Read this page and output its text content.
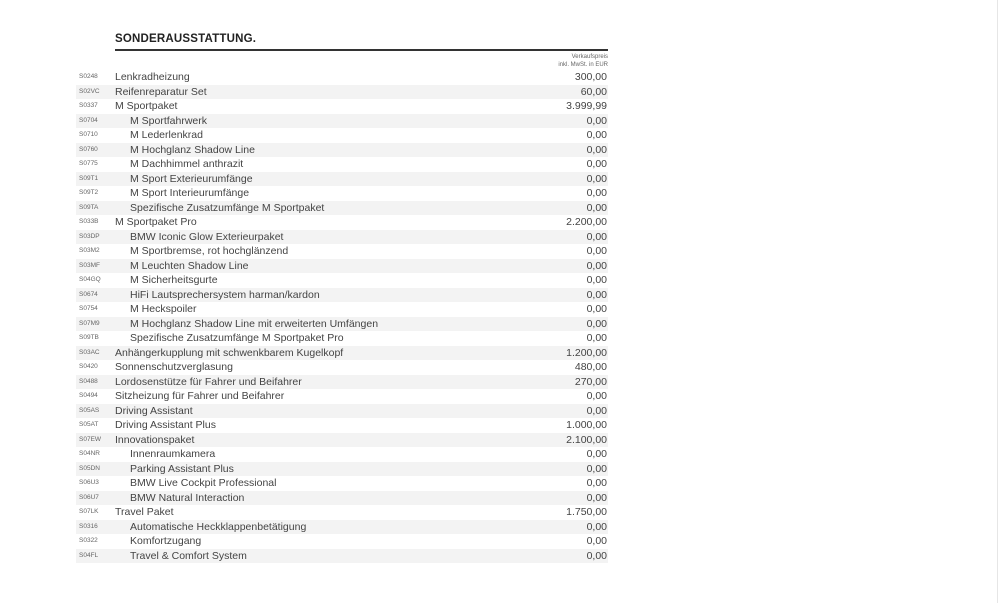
SONDERAUSSTATTUNG.
Verkaufspreis
inkl. MwSt. in EUR
S0248 Lenkradheizung	300,00
S02VC Reifenreparatur Set	60,00
S0337 M Sportpaket	3.999,99
S0704	M Sportfahrwerk	0,00
S0710	M Lederlenkrad	0,00
S0760	M Hochglanz Shadow Line	0,00
S0775	M Dachhimmel anthrazit	0,00
S09T1	M Sport Exterieurumfänge	0,00
S09T2	M Sport Interieurumfänge	0,00
S09TA	Spezifische Zusatzumfänge M Sportpaket	0,00
S033B M Sportpaket Pro	2.200,00
S03DP	BMW Iconic Glow Exterieurpaket	0,00
S03M2	M Sportbremse, rot hochglänzend	0,00
S03MF	M Leuchten Shadow Line	0,00
S04GQ	M Sicherheitsgurte	0,00
S0674	HiFi Lautsprechersystem harman/kardon	0,00
S0754	M Heckspoiler	0,00
S07M9	M Hochglanz Shadow Line mit erweiterten Umfängen	0,00
S09TB	Spezifische Zusatzumfänge M Sportpaket Pro	0,00
S03AC Anhängerkupplung mit schwenkbarem Kugelkopf	1.200,00
S0420 Sonnenschutzverglasung	480,00
S0488 Lordosenstütze für Fahrer und Beifahrer	270,00
S0494 Sitzheizung für Fahrer und Beifahrer	0,00
S05AS Driving Assistant	0,00
S05AT Driving Assistant Plus	1.000,00
S07EW Innovationspaket	2.100,00
S04NR	Innenraumkamera	0,00
S05DN	Parking Assistant Plus	0,00
S06U3	BMW Live Cockpit Professional	0,00
S06U7	BMW Natural Interaction	0,00
S07LK Travel Paket	1.750,00
S0316	Automatische Heckklappenbetätigung	0,00
S0322	Komfortzugang	0,00
S04FL	Travel & Comfort System	0,00
